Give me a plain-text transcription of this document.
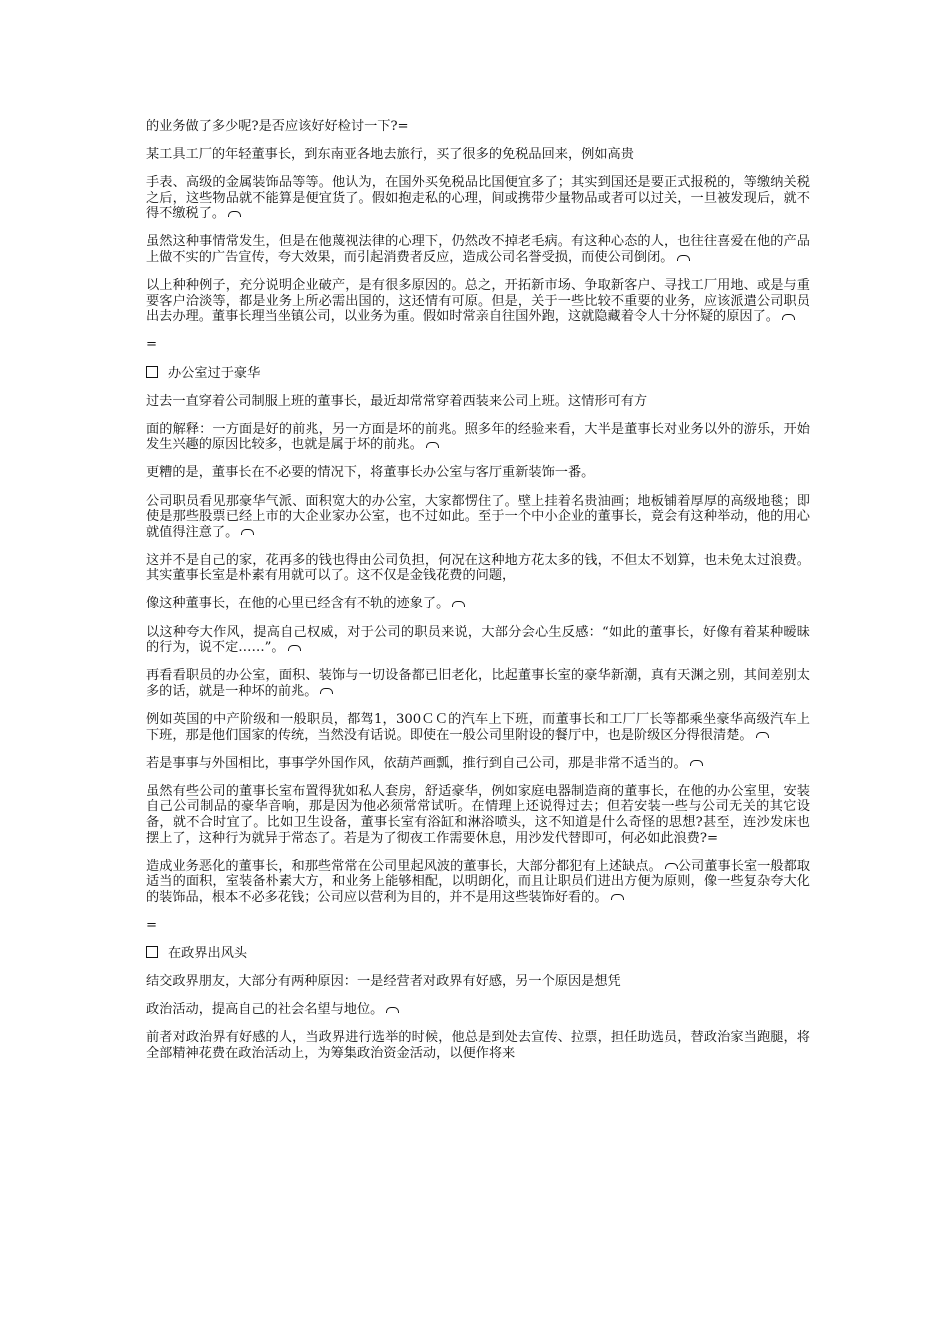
的业务做了多少呢?是否应该好好检讨一下?=

某工具工厂的年轻董事长，到东南亚各地去旅行，买了很多的免税品回来，例如高贵

手表、高级的金属装饰品等等。他认为，在国外买免税品比国便宜多了；其实到国还是要正式报税的，等缴纳关税之后，这些物品就不能算是便宜货了。假如抱走私的心理，间或携带少量物品或者可以过关，一旦被发现后，就不得不缴税了。

虽然这种事情常发生，但是在他蔑视法律的心理下，仍然改不掉老毛病。有这种心态的人，也往往喜爱在他的产品上做不实的广告宣传，夸大效果，而引起消费者反应，造成公司名誉受损，而使公司倒闭。

以上种种例子，充分说明企业破产，是有很多原因的。总之，开拓新市场、争取新客户、寻找工厂用地、或是与重要客户洽淡等，都是业务上所必需出国的，这还情有可原。但是，关于一些比较不重要的业务，应该派遣公司职员出去办理。董事长理当坐镇公司，以业务为重。假如时常亲自往国外跑，这就隐藏着令人十分怀疑的原因了。

=

办公室过于豪华

过去一直穿着公司制服上班的董事长，最近却常常穿着西装来公司上班。这情形可有方

面的解释：一方面是好的前兆，另一方面是坏的前兆。照多年的经验来看，大半是董事长对业务以外的游乐，开始发生兴趣的原因比较多，也就是属于坏的前兆。

更糟的是，董事长在不必要的情况下，将董事长办公室与客厅重新装饰一番。

公司职员看见那豪华气派、面积宽大的办公室，大家都愣住了。壁上挂着名贵油画；地板铺着厚厚的高级地毯；即使是那些股票已经上市的大企业家办公室，也不过如此。至于一个中小企业的董事长，竟会有这种举动，他的用心就值得注意了。

这并不是自己的家，花再多的钱也得由公司负担，何况在这种地方花太多的钱，不但太不划算，也未免太过浪费。其实董事长室是朴素有用就可以了。这不仅是金钱花费的问题，

像这种董事长，在他的心里已经含有不轨的迹象了。

以这种夸大作风，提高自己权威，对于公司的职员来说，大部分会心生反感：“如此的董事长，好像有着某种暧昧的行为，说不定……”。

再看看职员的办公室，面积、装饰与一切设备都已旧老化，比起董事长室的豪华新潮，真有天渊之别，其间差别太多的话，就是一种坏的前兆。

例如英国的中产阶级和一般职员，都驾1，300ＣＣ的汽车上下班，而董事长和工厂厂长等都乘坐豪华高级汽车上下班，那是他们国家的传统，当然没有话说。即使在一般公司里附设的餐厅中，也是阶级区分得很清楚。

若是事事与外国相比，事事学外国作风，依葫芦画瓢，推行到自己公司，那是非常不适当的。

虽然有些公司的董事长室布置得犹如私人套房，舒适豪华，例如家庭电器制造商的董事长，在他的办公室里，安装自己公司制品的豪华音响，那是因为他必须常常试听。在情理上还说得过去；但若安装一些与公司无关的其它设备，就不合时宜了。比如卫生设备，董事长室有浴缸和淋浴喷头，这不知道是什么奇怪的思想?甚至，连沙发床也摆上了，这种行为就异于常态了。若是为了彻夜工作需要休息，用沙发代替即可，何必如此浪费?=

造成业务恶化的董事长，和那些常常在公司里起风波的董事长，大部分都犯有上述缺点。 公司董事长室一般都取适当的面积，室装备朴素大方，和业务上能够相配，以明朗化，而且让职员们进出方便为原则，像一些复杂夸大化的装饰品，根本不必多花钱；公司应以营利为目的，并不是用这些装饰好看的。

=

在政界出风头

结交政界朋友，大部分有两种原因：一是经营者对政界有好感，另一个原因是想凭

政治活动，提高自己的社会名望与地位。

前者对政治界有好感的人，当政界进行选举的时候，他总是到处去宣传、拉票，担任助选员，替政治家当跑腿，将全部精神花费在政治活动上，为筹集政治资金活动，以便作将来
